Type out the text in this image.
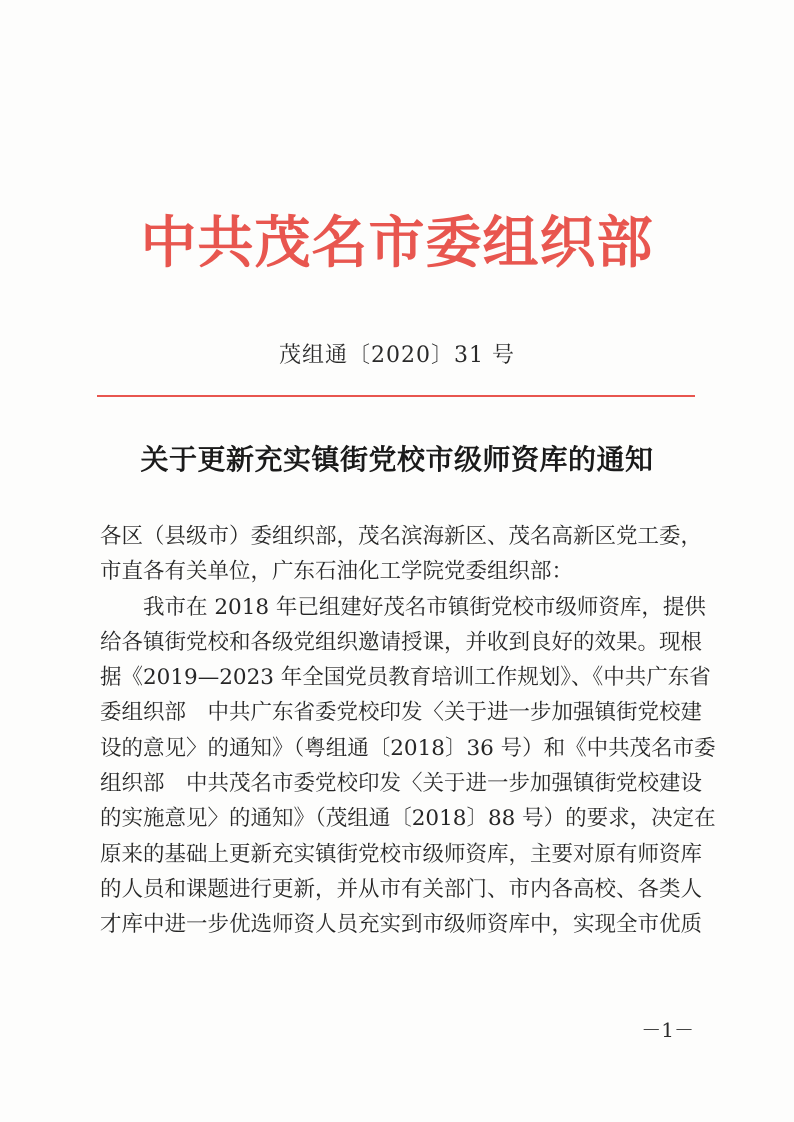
中共茂名市委组织部

茂组通〔2020〕31 号

关于更新充实镇街党校市级师资库的通知
各区（县级市）委组织部，茂名滨海新区、茂名高新区党工委，
市直各有关单位，广东石油化工学院党委组织部：
　　我市在 2018 年已组建好茂名市镇街党校市级师资库，提供
给各镇街党校和各级党组织邀请授课，并收到良好的效果。现根
据《2019—2023 年全国党员教育培训工作规划》、《中共广东省
委组织部　中共广东省委党校印发〈关于进一步加强镇街党校建
设的意见〉的通知》（粤组通〔2018〕36 号）和《中共茂名市委
组织部　中共茂名市委党校印发〈关于进一步加强镇街党校建设
的实施意见〉的通知》（茂组通〔2018〕88 号）的要求，决定在
原来的基础上更新充实镇街党校市级师资库，主要对原有师资库
的人员和课题进行更新，并从市有关部门、市内各高校、各类人
才库中进一步优选师资人员充实到市级师资库中，实现全市优质

－1－
